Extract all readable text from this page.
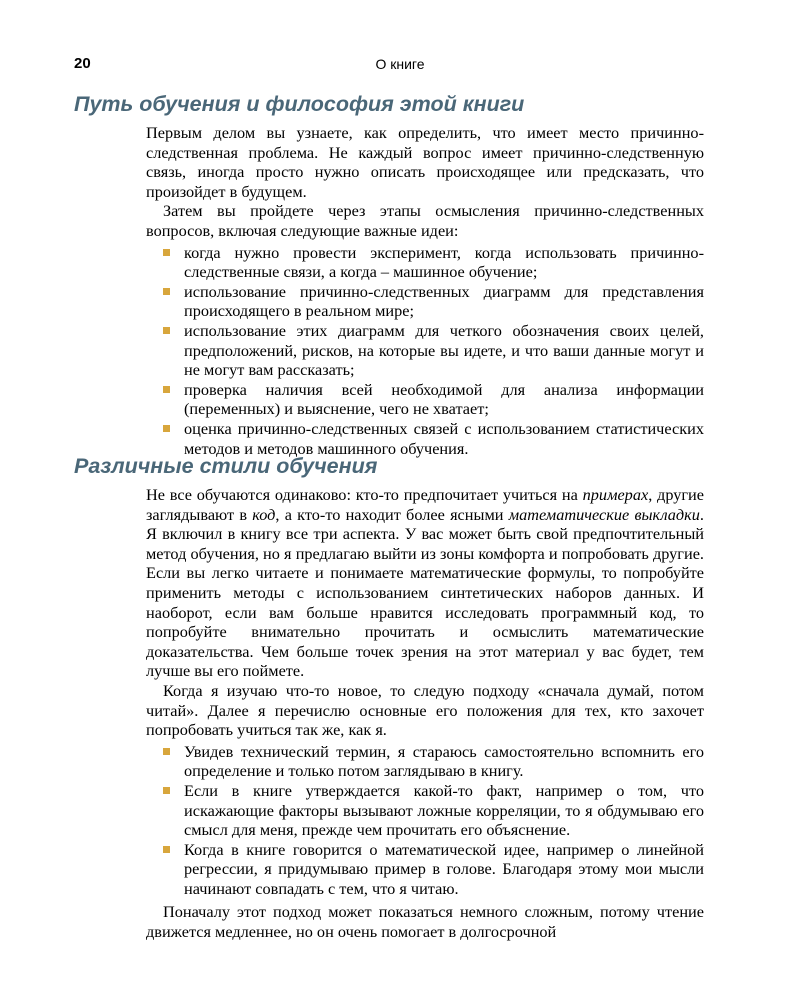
20	О книге
Путь обучения и философия этой книги

Первым делом вы узнаете, как определить, что имеет место причинно-следственная проблема. Не каждый вопрос имеет причинно-следственную связь, иногда просто нужно описать происходящее или предсказать, что произойдет в будущем.

Затем вы пройдете через этапы осмысления причинно-следственных вопросов, включая следующие важные идеи:

когда нужно провести эксперимент, когда использовать причинно-следственные связи, а когда – машинное обучение;
использование причинно-следственных диаграмм для представления происходящего в реальном мире;
использование этих диаграмм для четкого обозначения своих целей, предположений, рисков, на которые вы идете, и что ваши данные могут и не могут вам рассказать;
проверка наличия всей необходимой для анализа информации (переменных) и выяснение, чего не хватает;
оценка причинно-следственных связей с использованием статистических методов и методов машинного обучения.
Различные стили обучения

Не все обучаются одинаково: кто-то предпочитает учиться на примерах, другие заглядывают в код, а кто-то находит более ясными математические выкладки. Я включил в книгу все три аспекта. У вас может быть свой предпочтительный метод обучения, но я предлагаю выйти из зоны комфорта и попробовать другие. Если вы легко читаете и понимаете математические формулы, то попробуйте применить методы с использованием синтетических наборов данных. И наоборот, если вам больше нравится исследовать программный код, то попробуйте внимательно прочитать и осмыслить математические доказательства. Чем больше точек зрения на этот материал у вас будет, тем лучше вы его поймете.

Когда я изучаю что-то новое, то следую подходу «сначала думай, потом читай». Далее я перечислю основные его положения для тех, кто захочет попробовать учиться так же, как я.

Увидев технический термин, я стараюсь самостоятельно вспомнить его определение и только потом заглядываю в книгу.
Если в книге утверждается какой-то факт, например о том, что искажающие факторы вызывают ложные корреляции, то я обдумываю его смысл для меня, прежде чем прочитать его объяснение.
Когда в книге говорится о математической идее, например о линейной регрессии, я придумываю пример в голове. Благодаря этому мои мысли начинают совпадать с тем, что я читаю.

Поначалу этот подход может показаться немного сложным, потому чтение движется медленнее, но он очень помогает в долгосрочной
